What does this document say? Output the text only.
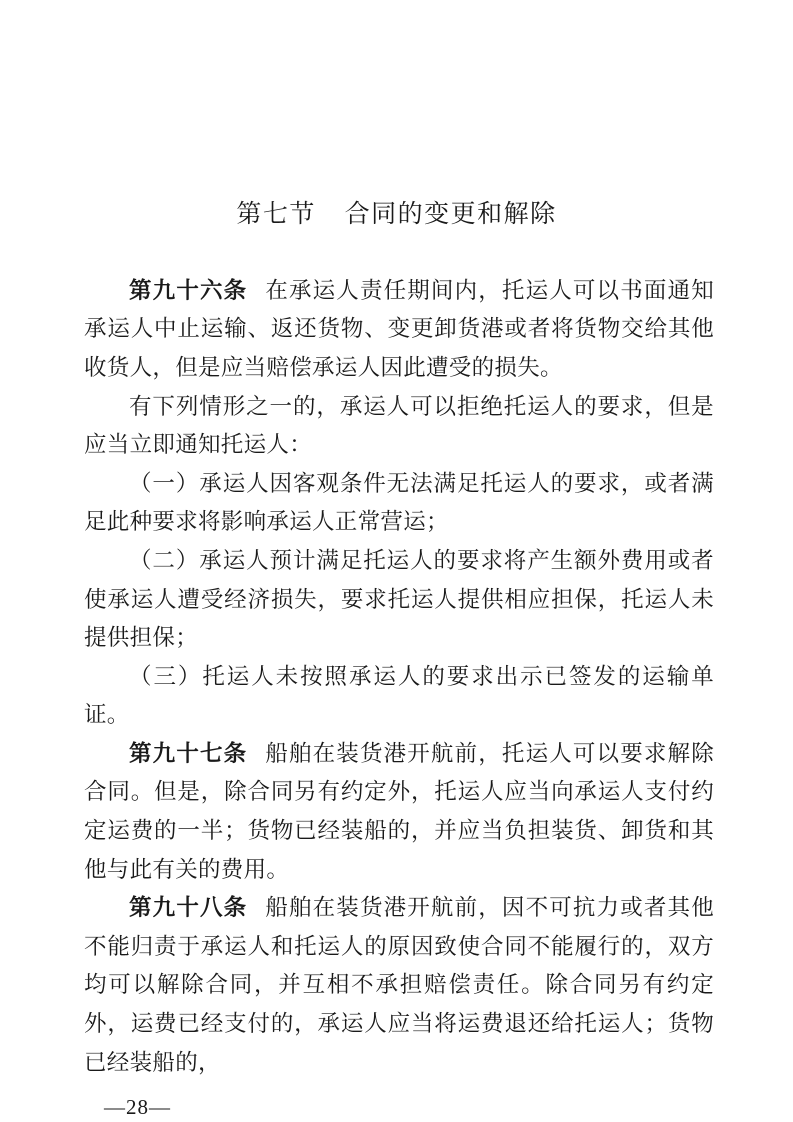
第七节 合同的变更和解除

第九十六条 在承运人责任期间内，托运人可以书面通知承运人中止运输、返还货物、变更卸货港或者将货物交给其他收货人，但是应当赔偿承运人因此遭受的损失。

有下列情形之一的，承运人可以拒绝托运人的要求，但是应当立即通知托运人：

（一）承运人因客观条件无法满足托运人的要求，或者满足此种要求将影响承运人正常营运；

（二）承运人预计满足托运人的要求将产生额外费用或者使承运人遭受经济损失，要求托运人提供相应担保，托运人未提供担保；

（三）托运人未按照承运人的要求出示已签发的运输单证。

第九十七条 船舶在装货港开航前，托运人可以要求解除合同。但是，除合同另有约定外，托运人应当向承运人支付约定运费的一半；货物已经装船的，并应当负担装货、卸货和其他与此有关的费用。

第九十八条 船舶在装货港开航前，因不可抗力或者其他不能归责于承运人和托运人的原因致使合同不能履行的，双方均可以解除合同，并互相不承担赔偿责任。除合同另有约定外，运费已经支付的，承运人应当将运费退还给托运人；货物已经装船的，

—28—
